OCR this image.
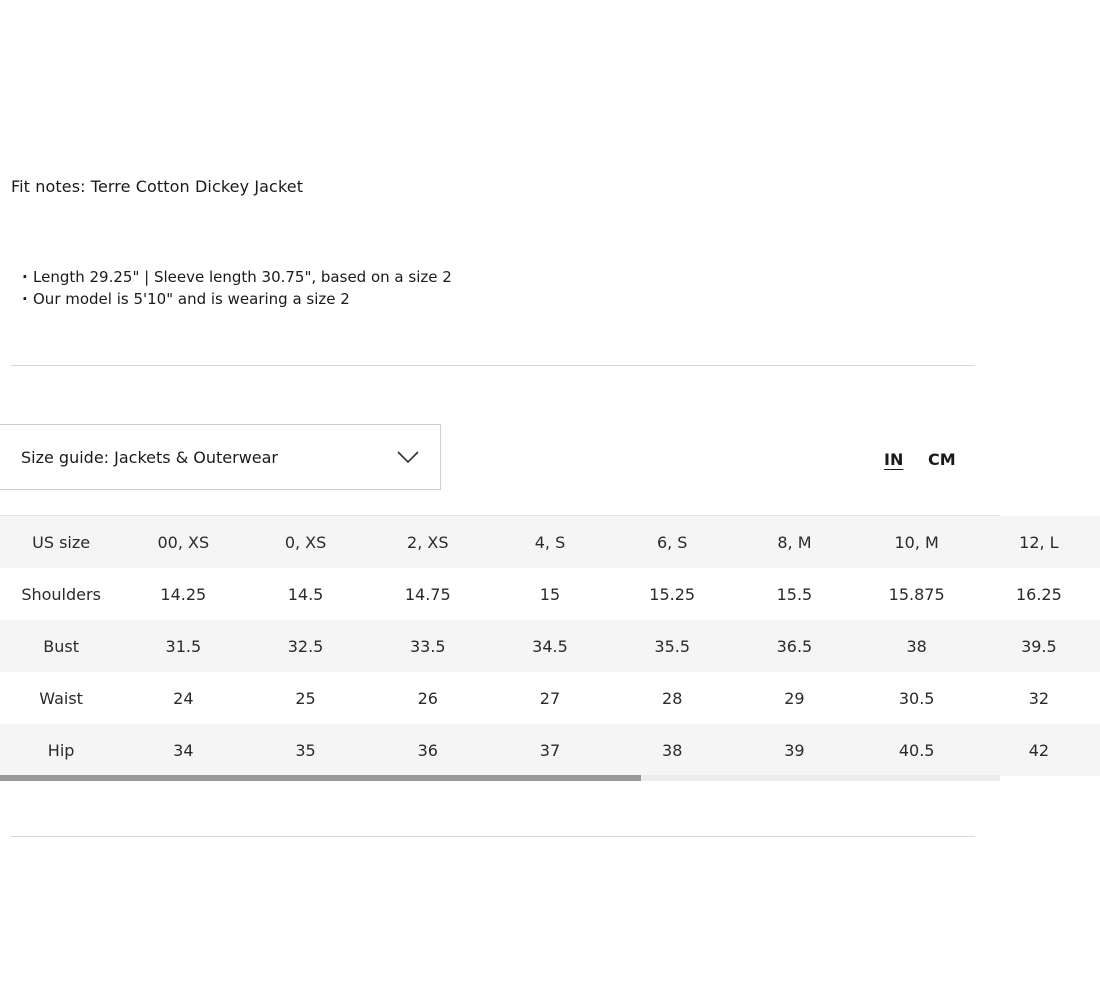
Fit notes: Terre Cotton Dickey Jacket
· Length 29.25" | Sleeve length 30.75", based on a size 2
· Our model is 5'10" and is wearing a size 2
Size guide: Jackets & Outerwear	IN CM
US size	00, XS	0, XS	2, XS	4, S	6, S	8, M	10, M	12, L
Shoulders	14.25	14.5	14.75	15	15.25	15.5	15.875	16.25
Bust	31.5	32.5	33.5	34.5	35.5	36.5	38	39.5
Waist	24	25	26	27	28	29	30.5	32
Hip	34	35	36	37	38	39	40.5	42
